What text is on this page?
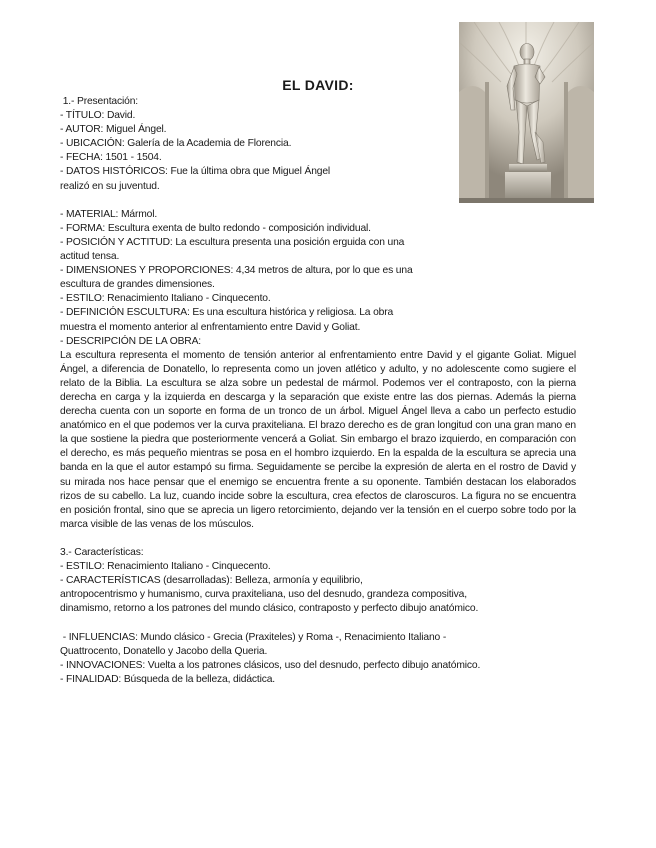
EL DAVID:
1.- Presentación:
- TÍTULO: David.
- AUTOR: Miguel Ángel.
- UBICACIÓN: Galería de la Academia de Florencia.
- FECHA: 1501 - 1504.
- DATOS HISTÓRICOS: Fue la última obra que Miguel Ángel
realizó en su juventud.
- MATERIAL: Mármol.
- FORMA: Escultura exenta de bulto redondo - composición individual.
- POSICIÓN Y ACTITUD: La escultura presenta una posición erguida con una
actitud tensa.
- DIMENSIONES Y PROPORCIONES: 4,34 metros de altura, por lo que es una
escultura de grandes dimensiones.
- ESTILO: Renacimiento Italiano - Cinquecento.
- DEFINICIÓN ESCULTURA: Es una escultura histórica y religiosa. La obra
muestra el momento anterior al enfrentamiento entre David y Goliat.
- DESCRIPCIÓN DE LA OBRA:
La escultura representa el momento de tensión anterior al enfrentamiento entre David y el gigante Goliat. Miguel Ángel, a diferencia de Donatello, lo representa como un joven atlético y adulto, y no adolescente como sugiere el relato de la Biblia. La escultura se alza sobre un pedestal de mármol. Podemos ver el contraposto, con la pierna derecha en carga y la izquierda en descarga y la separación que existe entre las dos piernas. Además la pierna derecha cuenta con un soporte en forma de un tronco de un árbol. Miguel Ángel lleva a cabo un perfecto estudio anatómico en el que podemos ver la curva praxiteliana. El brazo derecho es de gran longitud con una gran mano en la que sostiene la piedra que posteriormente vencerá a Goliat. Sin embargo el brazo izquierdo, en comparación con el derecho, es más pequeño mientras se posa en el hombro izquierdo. En la espalda de la escultura se aprecia una banda en la que el autor estampó su firma. Seguidamente se percibe la expresión de alerta en el rostro de David y su mirada nos hace pensar que el enemigo se encuentra frente a su oponente. También destacan los elaborados rizos de su cabello. La luz, cuando incide sobre la escultura, crea efectos de claroscuros. La figura no se encuentra en posición frontal, sino que se aprecia un ligero retorcimiento, dejando ver la tensión en el cuerpo sobre todo por la marca visible de las venas de los músculos.
3.- Características:
- ESTILO: Renacimiento Italiano - Cinquecento.
- CARACTERÍSTICAS (desarrolladas): Belleza, armonía y equilibrio,
antropocentrismo y humanismo, curva praxiteliana, uso del desnudo, grandeza compositiva,
dinamismo, retorno a los patrones del mundo clásico, contraposto y perfecto dibujo anatómico.
- INFLUENCIAS: Mundo clásico - Grecia (Praxiteles) y Roma -, Renacimiento Italiano -
Quattrocento, Donatello y Jacobo della Queria.
- INNOVACIONES: Vuelta a los patrones clásicos, uso del desnudo, perfecto dibujo anatómico.
- FINALIDAD: Búsqueda de la belleza, didáctica.
